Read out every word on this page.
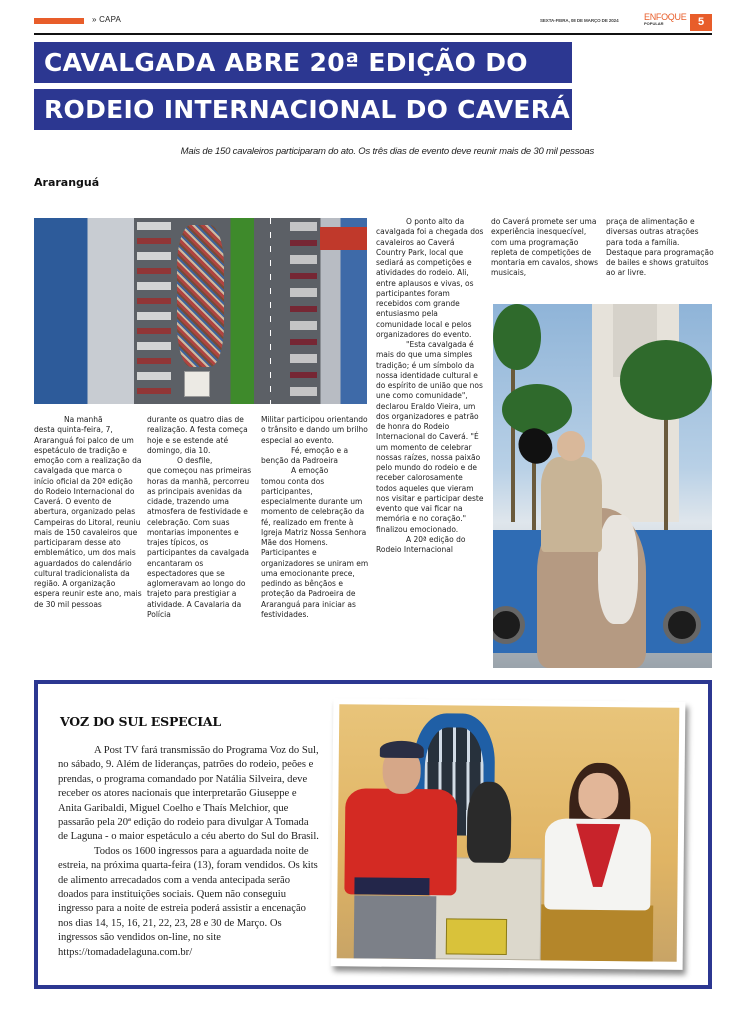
» CAPA	SEXTA-FEIRA, 08 DE MARÇO DE 2024	ENFOQUE
POPULAR	5
CAVALGADA ABRE 20ª EDIÇÃO DO
RODEIO INTERNACIONAL DO CAVERÁ
Mais de 150 cavaleiros participaram do ato. Os três dias de evento deve reunir mais de 30 mil pessoas
Araranguá

Na manhã

desta quinta-feira, 7, Araranguá foi palco de um espetáculo de tradição e emoção com a realização da cavalgada que marca o início oficial da 20ª edição do Rodeio Internacional do Caverá. O evento de abertura, organizado pelas Campeiras do Litoral, reuniu mais de 150 cavaleiros que participaram desse ato emblemático, um dos mais aguardados do calendário cultural tradicionalista da região. A organização espera reunir este ano, mais de 30 mil pessoas

durante os quatro dias de realização. A festa começa hoje e se estende até domingo, dia 10.

O desfile,

que começou nas primeiras horas da manhã, percorreu as principais avenidas da cidade, trazendo uma atmosfera de festividade e celebração. Com suas montarias imponentes e trajes típicos, os participantes da cavalgada encantaram os espectadores que se aglomeravam ao longo do trajeto para prestigiar a atividade. A Cavalaria da Polícia

Militar participou orientando o trânsito e dando um brilho especial ao evento.

Fé, emoção e a

benção da Padroeira

A emoção

tomou conta dos participantes, especialmente durante um momento de celebração da fé, realizado em frente à Igreja Matriz Nossa Senhora Mãe dos Homens. Participantes e organizadores se uniram em uma emocionante prece, pedindo as bênçãos e proteção da Padroeira de Araranguá para iniciar as festividades.

O ponto alto da cavalgada foi a chegada dos cavaleiros ao Caverá Country Park, local que sediará as competições e atividades do rodeio. Ali, entre aplausos e vivas, os participantes foram recebidos com grande entusiasmo pela comunidade local e pelos organizadores do evento.

"Esta cavalgada é mais do que uma simples tradição; é um símbolo da nossa identidade cultural e do espírito de união que nos une como comunidade", declarou Eraldo Vieira, um dos organizadores e patrão de honra do Rodeio Internacional do Caverá. "É um momento de celebrar nossas raízes, nossa paixão pelo mundo do rodeio e de receber calorosamente todos aqueles que vieram nos visitar e participar deste evento que vai ficar na memória e no coração." finalizou emocionado.

A 20ª edição do Rodeio Internacional

do Caverá promete ser uma experiência inesquecível, com uma programação repleta de competições de montaria em cavalos, shows musicais,

praça de alimentação e diversas outras atrações para toda a família. Destaque para programação de bailes e shows gratuitos ao ar livre.

VOZ DO SUL ESPECIAL

A Post TV fará transmissão do Programa Voz do Sul, no sábado, 9. Além de lideranças, patrões do rodeio, peões e prendas, o programa comandado por Natália Silveira, deve receber os atores nacionais que interpretarão Giuseppe e Anita Garibaldi, Miguel Coelho e Thaís Melchior, que passarão pela 20ª edição do rodeio para divulgar A Tomada de Laguna - o maior espetáculo a céu aberto do Sul do Brasil.

Todos os 1600 ingressos para a aguardada noite de estreia, na próxima quarta-feira (13), foram vendidos. Os kits de alimento arrecadados com a venda antecipada serão doados para instituições sociais. Quem não conseguiu ingresso para a noite de estreia poderá assistir a encenação nos dias 14, 15, 16, 21, 22, 23, 28 e 30 de Março. Os ingressos são vendidos on-line, no site https://tomadadelaguna.com.br/
